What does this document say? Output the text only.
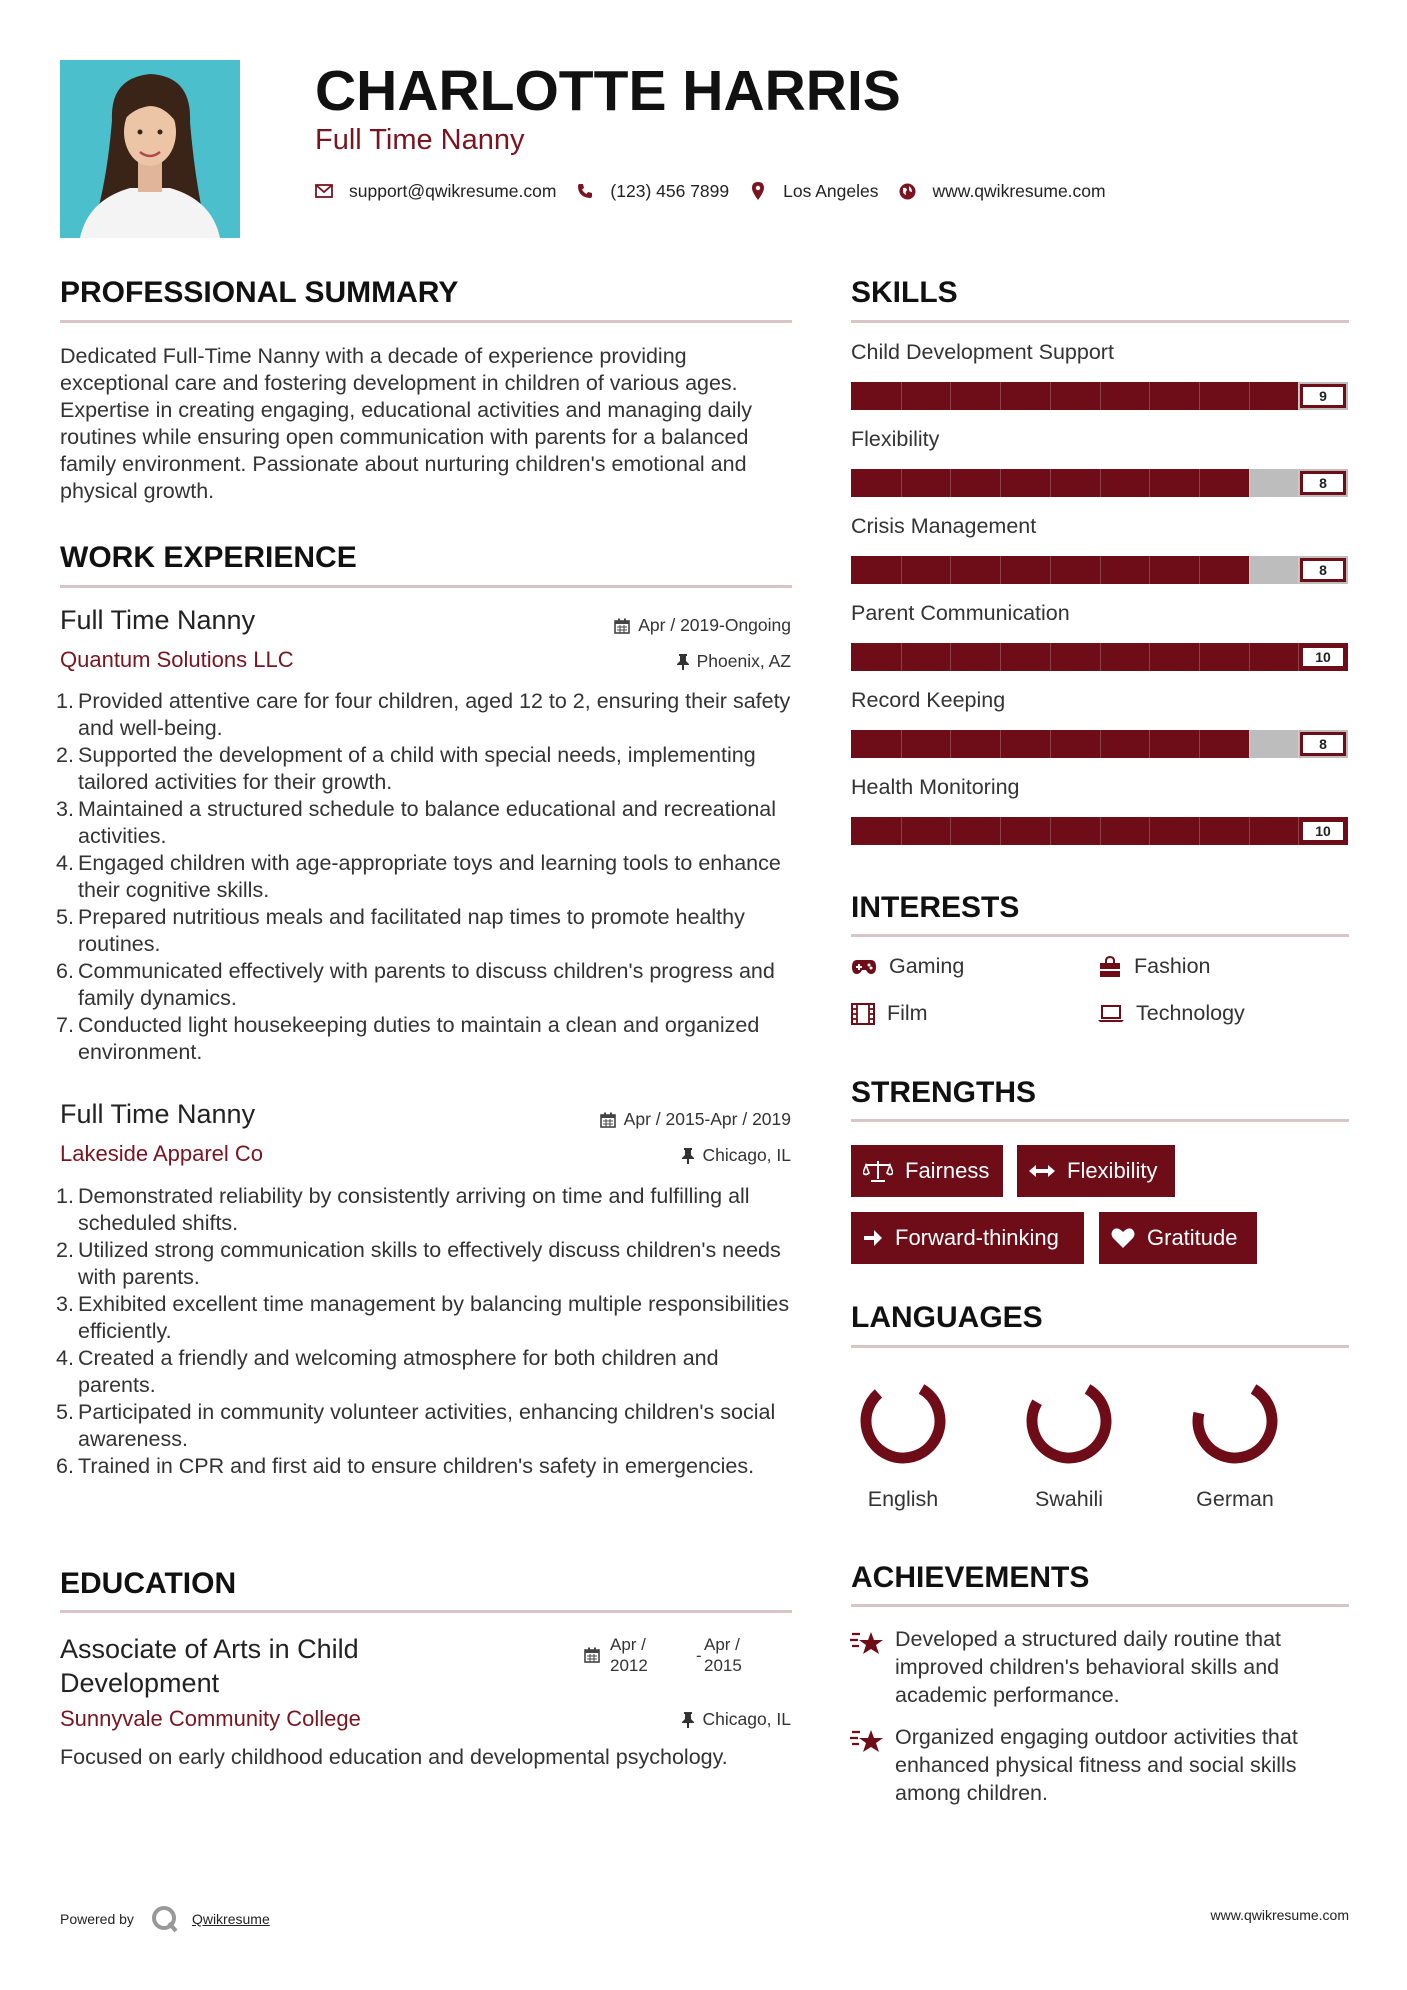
CHARLOTTE HARRIS
Full Time Nanny
support@qwikresume.com	(123) 456 7899	Los Angeles	www.qwikresume.com
PROFESSIONAL SUMMARY
Dedicated Full-Time Nanny with a decade of experience providing exceptional care and fostering development in children of various ages. Expertise in creating engaging, educational activities and managing daily routines while ensuring open communication with parents for a balanced family environment. Passionate about nurturing children's emotional and physical growth.
WORK EXPERIENCE
Full Time Nanny	Apr / 2019-Ongoing
Quantum Solutions LLC	Phoenix, AZ
1. Provided attentive care for four children, aged 12 to 2, ensuring their safety and well-being.
2. Supported the development of a child with special needs, implementing tailored activities for their growth.
3. Maintained a structured schedule to balance educational and recreational activities.
4. Engaged children with age-appropriate toys and learning tools to enhance their cognitive skills.
5. Prepared nutritious meals and facilitated nap times to promote healthy routines.
6. Communicated effectively with parents to discuss children's progress and family dynamics.
7. Conducted light housekeeping duties to maintain a clean and organized environment.
Full Time Nanny	Apr / 2015-Apr / 2019
Lakeside Apparel Co	Chicago, IL
1. Demonstrated reliability by consistently arriving on time and fulfilling all scheduled shifts.
2. Utilized strong communication skills to effectively discuss children's needs with parents.
3. Exhibited excellent time management by balancing multiple responsibilities efficiently.
4. Created a friendly and welcoming atmosphere for both children and parents.
5. Participated in community volunteer activities, enhancing children's social awareness.
6. Trained in CPR and first aid to ensure children's safety in emergencies.
EDUCATION
Associate of Arts in Child Development
Apr /
2012
-
Apr /
2015
Sunnyvale Community College	Chicago, IL
Focused on early childhood education and developmental psychology.
SKILLS
Child Development Support
9
Flexibility
8
Crisis Management
8
Parent Communication
10
Record Keeping
8
Health Monitoring
10
INTERESTS
Gaming	Fashion
Film	Technology
STRENGTHS
Fairness	Flexibility
Forward-thinking	Gratitude
LANGUAGES
English	Swahili	German
ACHIEVEMENTS
Developed a structured daily routine that improved children's behavioral skills and academic performance.
Organized engaging outdoor activities that enhanced physical fitness and social skills among children.
Powered by	Qwikresume	www.qwikresume.com
